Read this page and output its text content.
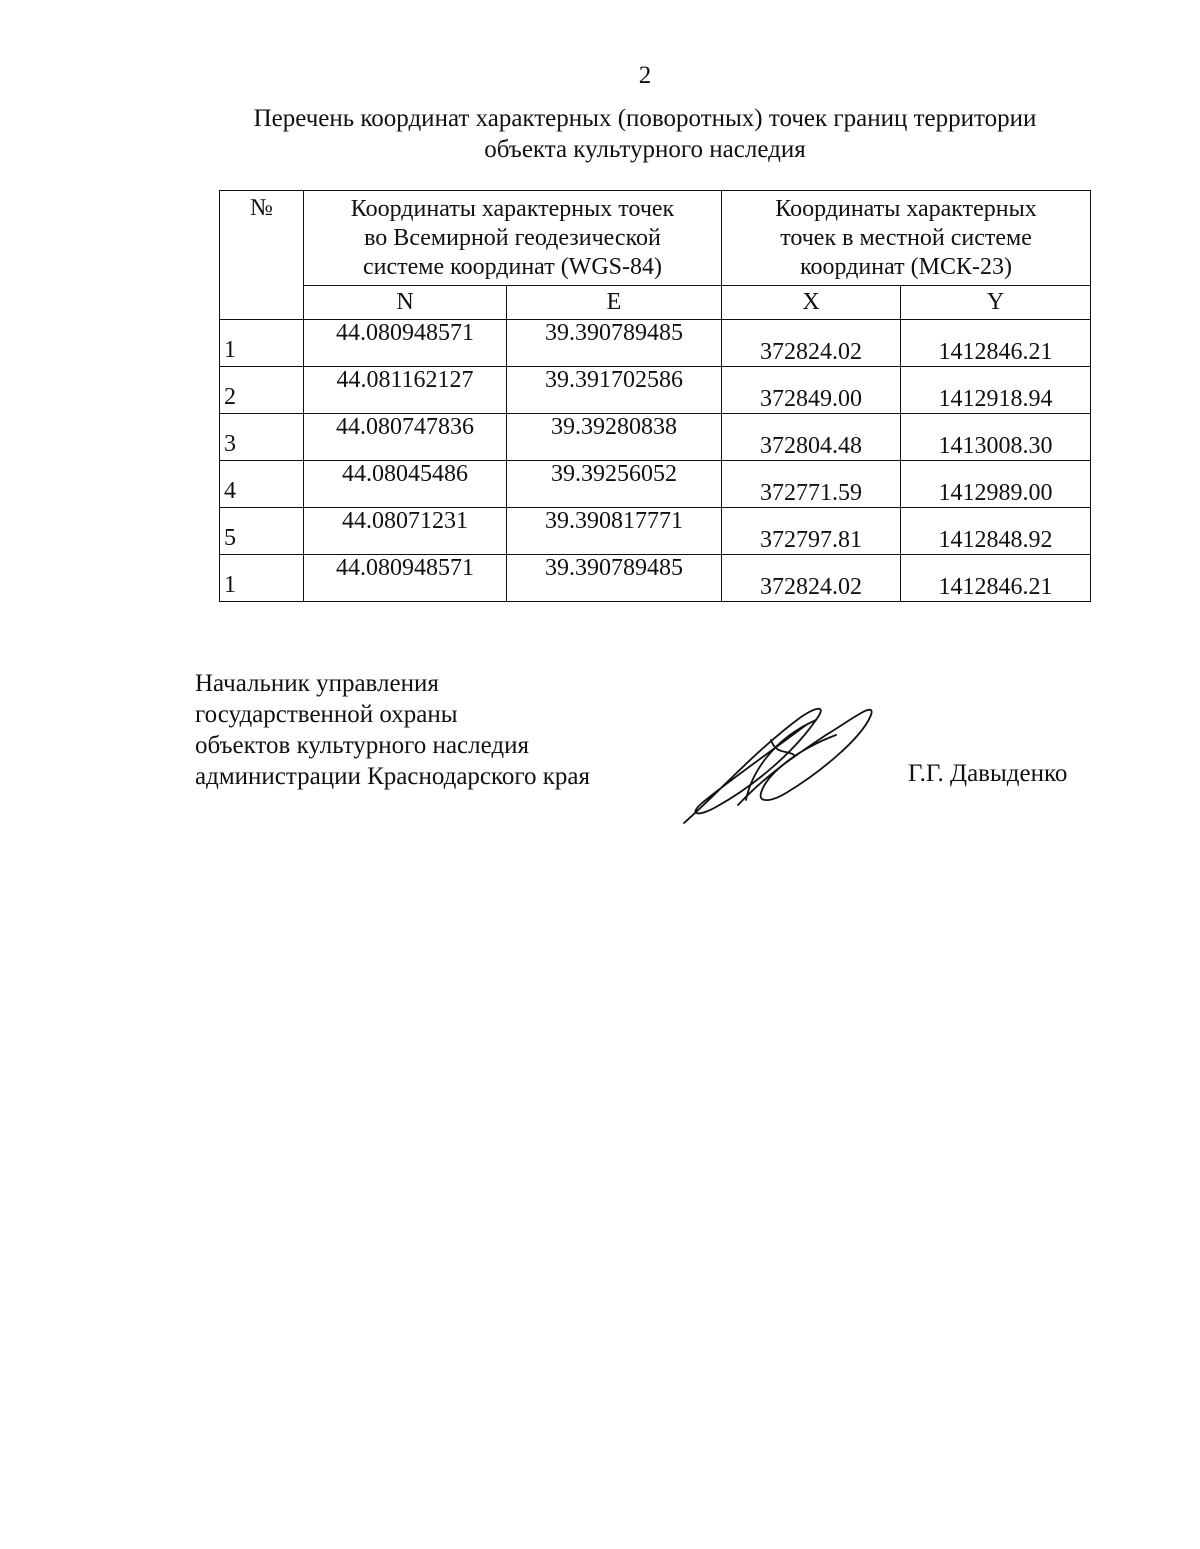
2
Перечень координат характерных (поворотных) точек границ территории
объекта культурного наследия
№	Координаты характерных точек
во Всемирной геодезической
системе координат (WGS-84)		Координаты характерных
точек в местной системе
координат (МСК-23)	

	N	E	X	Y
1	44.080948571	39.390789485	372824.02	1412846.21
2	44.081162127	39.391702586	372849.00	1412918.94
3	44.080747836	39.39280838	372804.48	1413008.30
4	44.08045486	39.39256052	372771.59	1412989.00
5	44.08071231	39.390817771	372797.81	1412848.92
1	44.080948571	39.390789485	372824.02	1412846.21
Начальник управления
государственной охраны
объектов культурного наследия
администрации Краснодарского края	Г.Г. Давыденко
